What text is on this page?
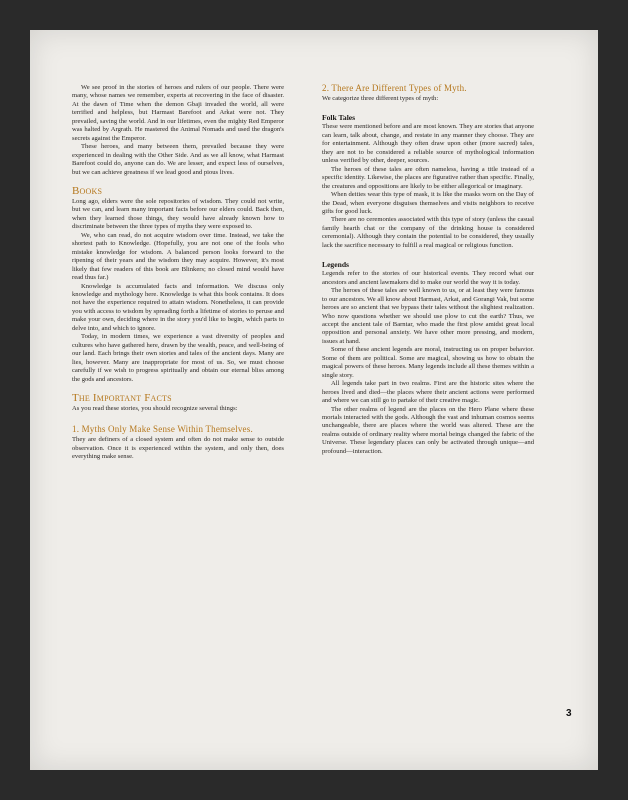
We see proof in the stories of heroes and rulers of our people. There were many, whose names we remember, experts at recovering in the face of disaster. At the dawn of Time when the demon Gbaji invaded the world, all were terrified and helpless, but Harmast Barefoot and Arkat were not. They prevailed, saving the world. And in our lifetimes, even the mighty Red Emperor was halted by Argrath. He mastered the Animal Nomads and used the dragon's secrets against the Emperor.

These heroes, and many between them, prevailed because they were experienced in dealing with the Other Side. And as we all know, what Harmast Barefoot could do, anyone can do. We are lesser, and expect less of ourselves, but we can achieve greatness if we lead good and pious lives.

Books

Long ago, elders were the sole repositories of wisdom. They could not write, but we can, and learn many important facts before our elders could. Back then, when they learned those things, they would have already known how to discriminate between the three types of myths they were exposed to.

We, who can read, do not acquire wisdom over time. Instead, we take the shortest path to Knowledge. (Hopefully, you are not one of the fools who mistake knowledge for wisdom. A balanced person looks forward to the ripening of their years and the wisdom they may acquire. However, it's most likely that few readers of this book are Blinkers; no closed mind would have read thus far.)

Knowledge is accumulated facts and information. We discuss only knowledge and mythology here. Knowledge is what this book contains. It does not have the experience required to attain wisdom. Nonetheless, it can provide you with access to wisdom by spreading forth a lifetime of stories to peruse and make your own, deciding where in the story you'd like to begin, which parts to delve into, and which to ignore.

Today, in modern times, we experience a vast diversity of peoples and cultures who have gathered here, drawn by the wealth, peace, and well-being of our land. Each brings their own stories and tales of the ancient days. Many are lies, however. Many are inappropriate for most of us. So, we must choose carefully if we wish to progress spiritually and obtain our eternal bliss among the gods and ancestors.

The Important Facts

As you read these stories, you should recognize several things:

1. Myths Only Make Sense Within Themselves.

They are definers of a closed system and often do not make sense to outside observation. Once it is experienced within the system, and only then, does everything make sense.

2. There Are Different Types of Myth.

We categorize three different types of myth:

Folk Tales

These were mentioned before and are most known. They are stories that anyone can learn, talk about, change, and restate in any manner they choose. They are for entertainment. Although they often draw upon other (more sacred) tales, they are not to be considered a reliable source of mythological information unless verified by other, deeper, sources.

The heroes of these tales are often nameless, having a title instead of a specific identity. Likewise, the places are figurative rather than specific. Finally, the creatures and oppositions are likely to be either allegorical or imaginary.

When deities wear this type of mask, it is like the masks worn on the Day of the Dead, when everyone disguises themselves and visits neighbors to receive gifts for good luck.

There are no ceremonies associated with this type of story (unless the casual family hearth chat or the company of the drinking house is considered ceremonial). Although they contain the potential to be considered, they usually lack the sacrifice necessary to fulfill a real magical or religious function.

Legends

Legends refer to the stories of our historical events. They record what our ancestors and ancient lawmakers did to make our world the way it is today.

The heroes of these tales are well known to us, or at least they were famous to our ancestors. We all know about Harmast, Arkat, and Gorangi Vak, but some heroes are so ancient that we bypass their tales without the slightest realization. Who now questions whether we should use plow to cut the earth? Thus, we accept the ancient tale of Barntar, who made the first plow amidst great local opposition and personal anxiety. We have other more pressing, and modern, issues at hand.

Some of these ancient legends are moral, instructing us on proper behavior. Some of them are political. Some are magical, showing us how to obtain the magical powers of these heroes. Many legends include all these themes within a single story.

All legends take part in two realms. First are the historic sites where the heroes lived and died—the places where their ancient actions were performed and where we can still go to partake of their creative magic.

The other realms of legend are the places on the Hero Plane where these mortals interacted with the gods. Although the vast and inhuman cosmos seems unchangeable, there are places where the world was altered. These are the realms outside of ordinary reality where mortal beings changed the fabric of the Universe. These legendary places can only be activated through unique—and profound—interaction.

3
